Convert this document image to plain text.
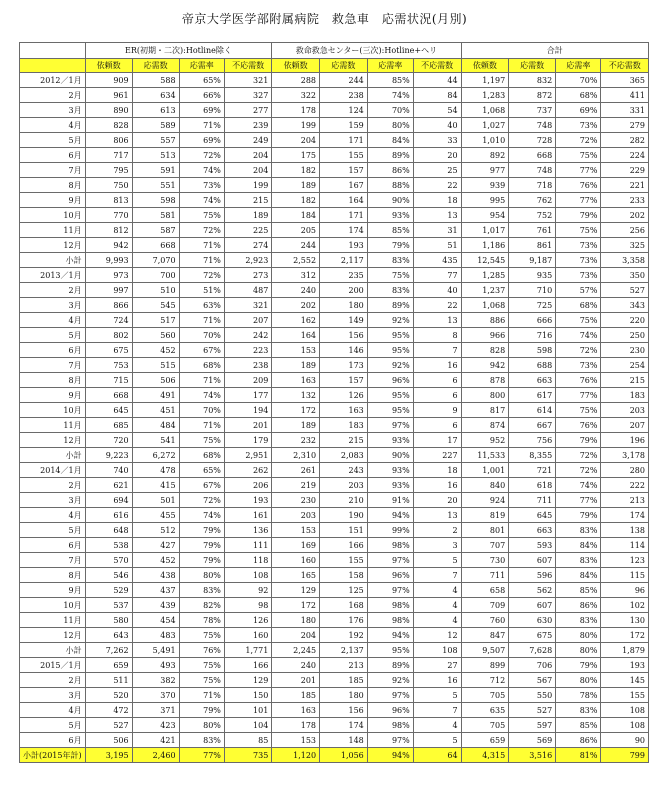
帝京大学医学部附属病院　救急車　応需状況(月別)
	ER(初期・二次):Hotline除く				救命救急センター(三次):Hotline+ヘリ				合計			
	依頼数	応需数	応需率	不応需数	依頼数	応需数	応需率	不応需数	依頼数	応需数	応需率	不応需数
2012／1月	909	588	65%	321	288	244	85%	44	1,197	832	70%	365
2月	961	634	66%	327	322	238	74%	84	1,283	872	68%	411
3月	890	613	69%	277	178	124	70%	54	1,068	737	69%	331
4月	828	589	71%	239	199	159	80%	40	1,027	748	73%	279
5月	806	557	69%	249	204	171	84%	33	1,010	728	72%	282
6月	717	513	72%	204	175	155	89%	20	892	668	75%	224
7月	795	591	74%	204	182	157	86%	25	977	748	77%	229
8月	750	551	73%	199	189	167	88%	22	939	718	76%	221
9月	813	598	74%	215	182	164	90%	18	995	762	77%	233
10月	770	581	75%	189	184	171	93%	13	954	752	79%	202
11月	812	587	72%	225	205	174	85%	31	1,017	761	75%	256
12月	942	668	71%	274	244	193	79%	51	1,186	861	73%	325
小計	9,993	7,070	71%	2,923	2,552	2,117	83%	435	12,545	9,187	73%	3,358
2013／1月	973	700	72%	273	312	235	75%	77	1,285	935	73%	350
2月	997	510	51%	487	240	200	83%	40	1,237	710	57%	527
3月	866	545	63%	321	202	180	89%	22	1,068	725	68%	343
4月	724	517	71%	207	162	149	92%	13	886	666	75%	220
5月	802	560	70%	242	164	156	95%	8	966	716	74%	250
6月	675	452	67%	223	153	146	95%	7	828	598	72%	230
7月	753	515	68%	238	189	173	92%	16	942	688	73%	254
8月	715	506	71%	209	163	157	96%	6	878	663	76%	215
9月	668	491	74%	177	132	126	95%	6	800	617	77%	183
10月	645	451	70%	194	172	163	95%	9	817	614	75%	203
11月	685	484	71%	201	189	183	97%	6	874	667	76%	207
12月	720	541	75%	179	232	215	93%	17	952	756	79%	196
小計	9,223	6,272	68%	2,951	2,310	2,083	90%	227	11,533	8,355	72%	3,178
2014／1月	740	478	65%	262	261	243	93%	18	1,001	721	72%	280
2月	621	415	67%	206	219	203	93%	16	840	618	74%	222
3月	694	501	72%	193	230	210	91%	20	924	711	77%	213
4月	616	455	74%	161	203	190	94%	13	819	645	79%	174
5月	648	512	79%	136	153	151	99%	2	801	663	83%	138
6月	538	427	79%	111	169	166	98%	3	707	593	84%	114
7月	570	452	79%	118	160	155	97%	5	730	607	83%	123
8月	546	438	80%	108	165	158	96%	7	711	596	84%	115
9月	529	437	83%	92	129	125	97%	4	658	562	85%	96
10月	537	439	82%	98	172	168	98%	4	709	607	86%	102
11月	580	454	78%	126	180	176	98%	4	760	630	83%	130
12月	643	483	75%	160	204	192	94%	12	847	675	80%	172
小計	7,262	5,491	76%	1,771	2,245	2,137	95%	108	9,507	7,628	80%	1,879
2015／1月	659	493	75%	166	240	213	89%	27	899	706	79%	193
2月	511	382	75%	129	201	185	92%	16	712	567	80%	145
3月	520	370	71%	150	185	180	97%	5	705	550	78%	155
4月	472	371	79%	101	163	156	96%	7	635	527	83%	108
5月	527	423	80%	104	178	174	98%	4	705	597	85%	108
6月	506	421	83%	85	153	148	97%	5	659	569	86%	90
小計(2015年計)	3,195	2,460	77%	735	1,120	1,056	94%	64	4,315	3,516	81%	799
